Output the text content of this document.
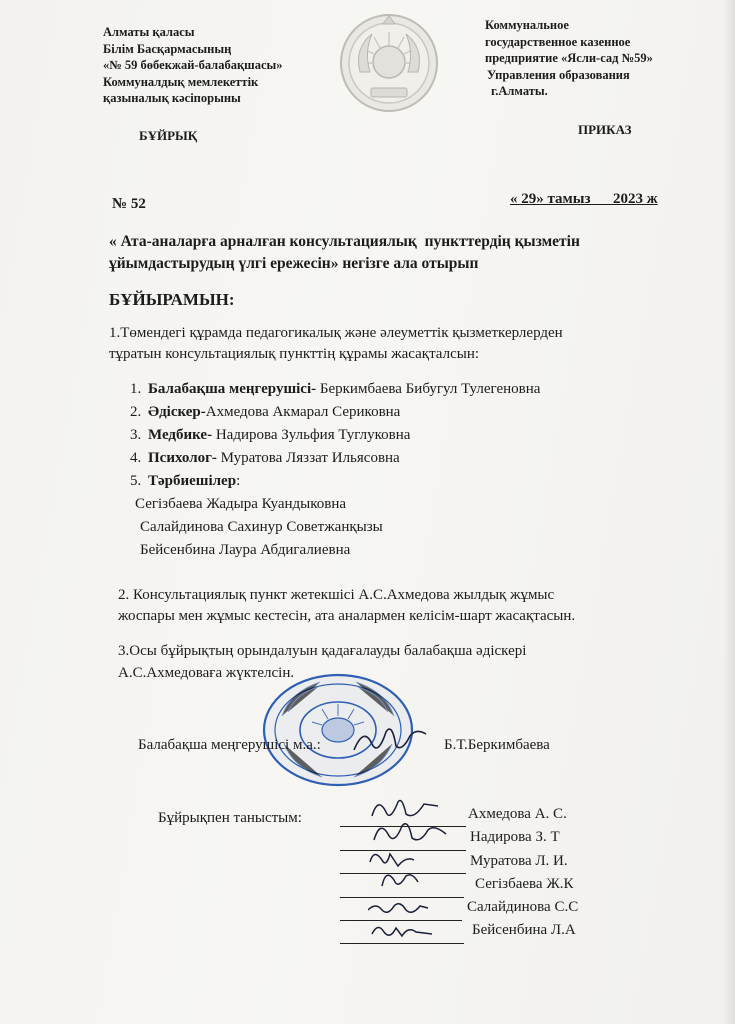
Алматы қаласы
Білім Басқармасының
«№ 59 бөбекжай-балабақшасы»
Коммуналдық мемлекеттік
қазыналық кәсіпорыны
Коммунальное
государственное казенное
предприятие «Ясли-сад №59»
Управления образования
г.Алматы.
БҰЙРЫҚ	ПРИКАЗ
№ 52	« 29» тамыз      2023 ж
« Ата-аналарға арналған консультациялық  пункттердің қызметін
ұйымдастырудың үлгі ережесін» негізге ала отырып
БҰЙЫРАМЫН:
1.Төмендегі құрамда педагогикалық және әлеуметтік қызметкерлерден
тұратын консультациялық пункттің құрамы жасақталсын:
1. Балабақша меңгерушісі- Беркимбаева Бибугул Тулегеновна
2. Әдіскер-Ахмедова Акмарал Сериковна
3. Медбике- Надирова Зульфия Туглуковна
4. Психолог- Муратова Ляззат Ильясовна
5. Тәрбиешілер:
Сегізбаева Жадыра Куандыковна
Салайдинова Сахинур Советжанқызы
Бейсенбина Лаура Абдигалиевна
2. Консультациялық пункт жетекшісі А.С.Ахмедова жылдық жұмыс
жоспары мен жұмыс кестесін, ата аналармен келісім-шарт жасақтасын.
3.Осы бұйрықтың орындалуын қадағалауды балабақша әдіскері
А.С.Ахмедоваға жүктелсін.
Балабақша меңгерушісі м.а.:	Б.Т.Беркимбаева
Бұйрықпен таныстым:	Ахмедова А. С.
Надирова З. Т
Муратова Л. И.
Сегізбаева Ж.К
Салайдинова С.С
Бейсенбина Л.А
